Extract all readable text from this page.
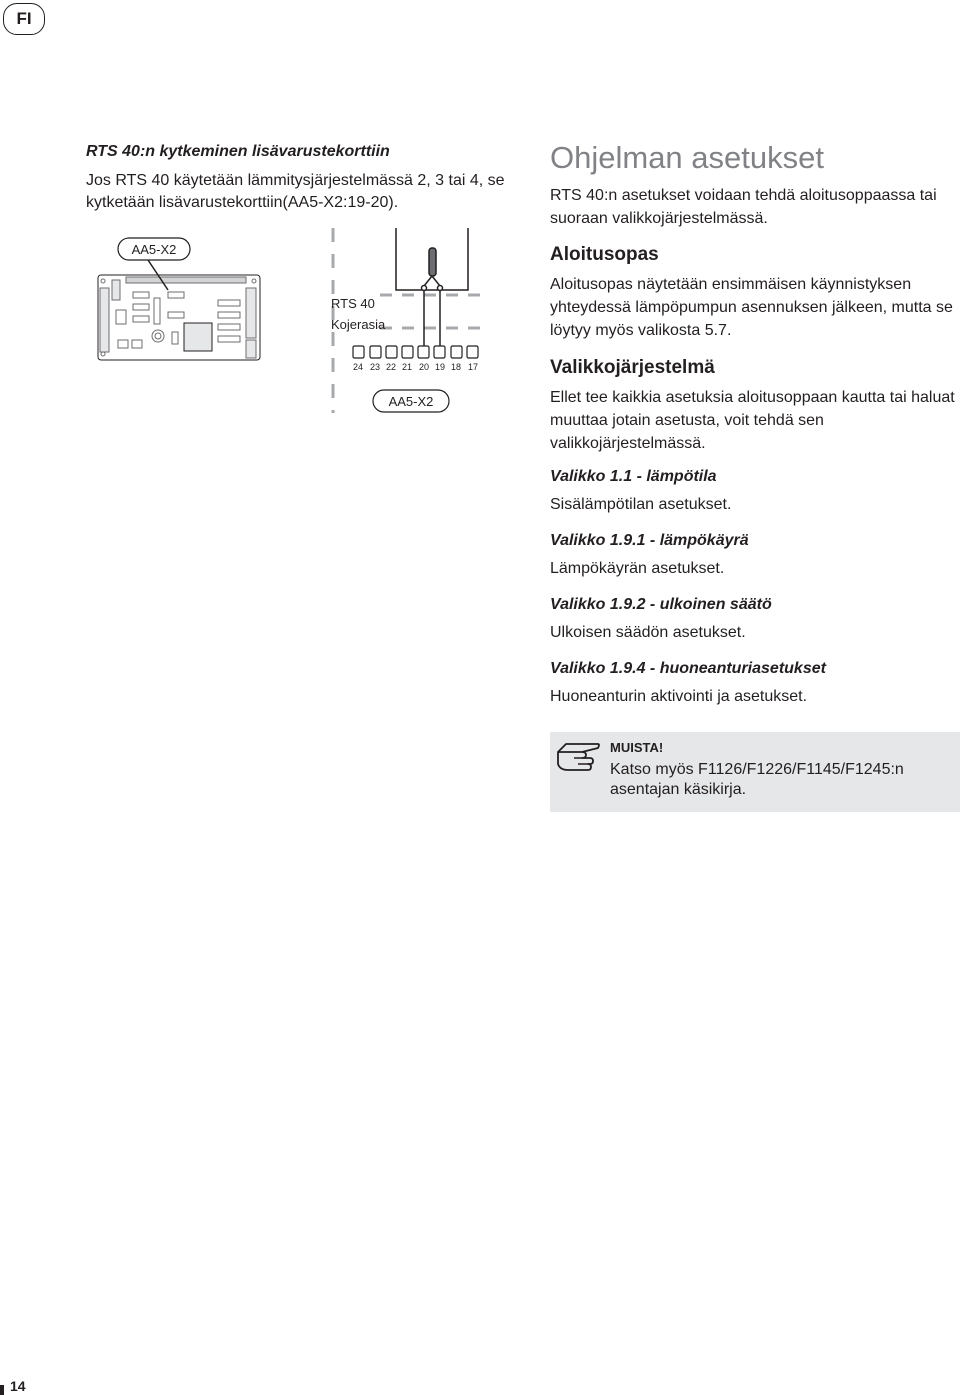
FI
RTS 40:n kytkeminen lisävarustekorttiin
Jos RTS 40 käytetään lämmitysjärjestelmässä 2, 3 tai 4, se kytketään lisävarustekorttiin(AA5-X2:19-20).
AA5-X2
RTS 40
Kojerasia
24 23 22 21 20 19 18 17
AA5-X2
Ohjelman asetukset
RTS 40:n asetukset voidaan tehdä aloitusoppaassa tai suoraan valikkojärjestelmässä.
Aloitusopas
Aloitusopas näytetään ensimmäisen käynnistyksen yhteydessä lämpöpumpun asennuksen jälkeen, mutta se löytyy myös valikosta 5.7.
Valikkojärjestelmä
Ellet tee kaikkia asetuksia aloitusoppaan kautta tai haluat muuttaa jotain asetusta, voit tehdä sen valikkojärjestelmässä.
Valikko 1.1 - lämpötila
Sisälämpötilan asetukset.
Valikko 1.9.1 - lämpökäyrä
Lämpökäyrän asetukset.
Valikko 1.9.2 - ulkoinen säätö
Ulkoisen säädön asetukset.
Valikko 1.9.4 - huoneanturiasetukset
Huoneanturin aktivointi ja asetukset.
MUISTA!
Katso myös F1126/F1226/F1145/F1245:n asentajan käsikirja.
14
